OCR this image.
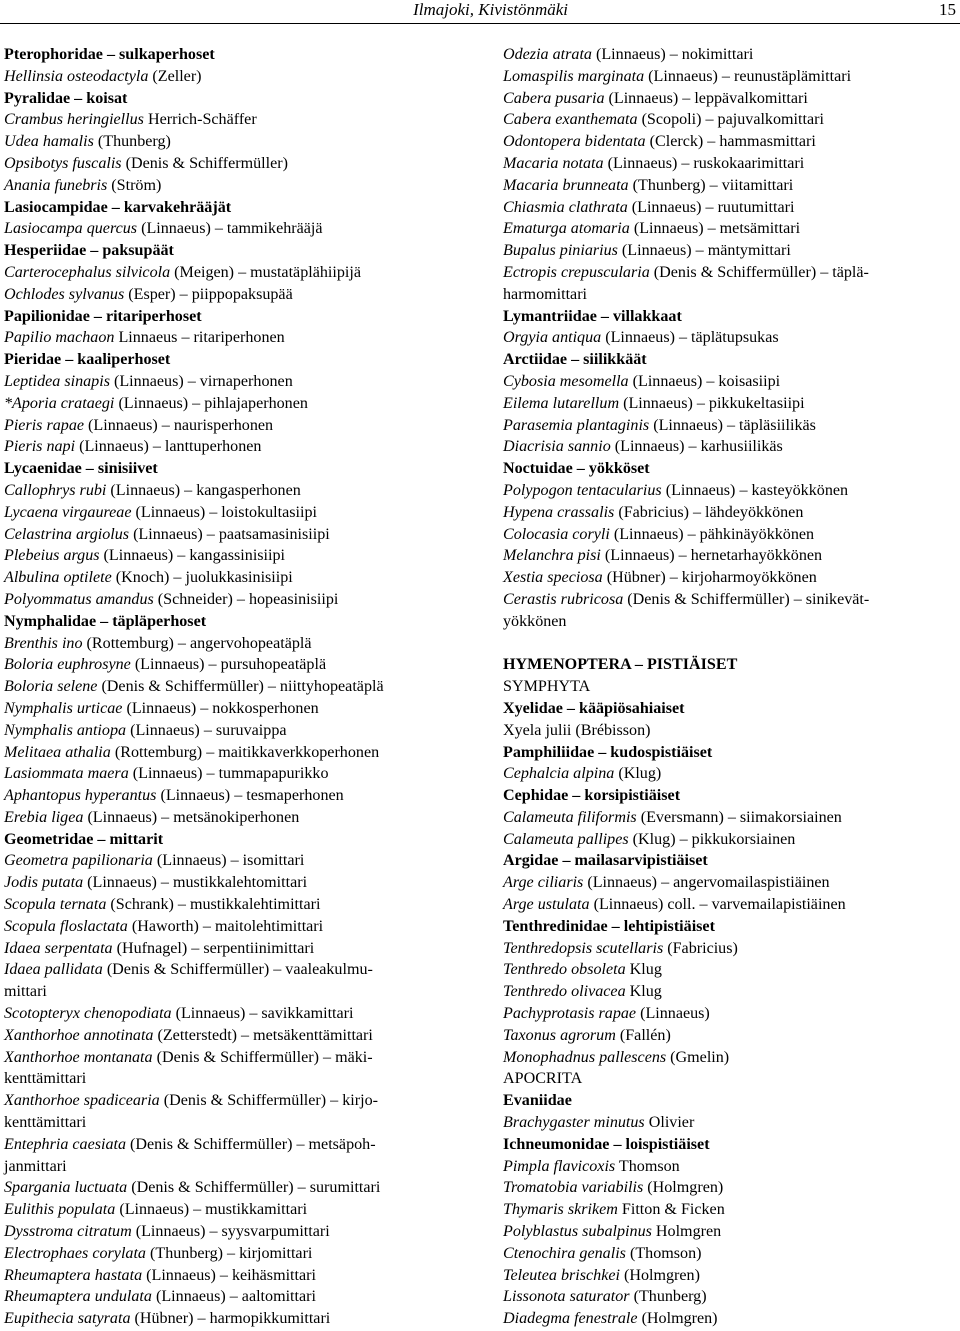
Ilmajoki, Kivistönmäki	15
Pterophoridae – sulkaperhoset
Hellinsia osteodactyla (Zeller)
Pyralidae – koisat
Crambus heringiellus Herrich-Schäffer
Udea hamalis (Thunberg)
Opsibotys fuscalis (Denis & Schiffermüller)
Anania funebris (Ström)
Lasiocampidae – karvakehrääjät
Lasiocampa quercus (Linnaeus) – tammikehrääjä
Hesperiidae – paksupäät
Carterocephalus silvicola (Meigen) – mustatäplähiipijä
Ochlodes sylvanus (Esper) – piippopaksupää
Papilionidae – ritariperhoset
Papilio machaon Linnaeus – ritariperhonen
Pieridae – kaaliperhoset
Leptidea sinapis (Linnaeus) – virnaperhonen
*Aporia crataegi (Linnaeus) – pihlajaperhonen
Pieris rapae (Linnaeus) – naurisperhonen
Pieris napi (Linnaeus) – lanttuperhonen
Lycaenidae – sinisiivet
Callophrys rubi (Linnaeus) – kangasperhonen
Lycaena virgaureae (Linnaeus) – loistokultasiipi
Celastrina argiolus (Linnaeus) – paatsamasinisiipi
Plebeius argus (Linnaeus) – kangassinisiipi
Albulina optilete (Knoch) – juolukkasinisiipi
Polyommatus amandus (Schneider) – hopeasinisiipi
Nymphalidae – täpläperhoset
Brenthis ino (Rottemburg) – angervohopeatäplä
Boloria euphrosyne (Linnaeus) – pursuhopeatäplä
Boloria selene (Denis & Schiffermüller) – niittyhopeatäplä
Nymphalis urticae (Linnaeus) – nokkosperhonen
Nymphalis antiopa (Linnaeus) – suruvaippa
Melitaea athalia (Rottemburg) – maitikkaverkkoperhonen
Lasiommata maera (Linnaeus) – tummapapurikko
Aphantopus hyperantus (Linnaeus) – tesmaperhonen
Erebia ligea (Linnaeus) – metsänokiperhonen
Geometridae – mittarit
Geometra papilionaria (Linnaeus) – isomittari
Jodis putata (Linnaeus) – mustikkalehtomittari
Scopula ternata (Schrank) – mustikkalehtimittari
Scopula floslactata (Haworth) – maitolehtimittari
Idaea serpentata (Hufnagel) – serpentiinimittari
Idaea pallidata (Denis & Schiffermüller) – vaaleakulmu-
mittari
Scotopteryx chenopodiata (Linnaeus) – savikkamittari
Xanthorhoe annotinata (Zetterstedt) – metsäkenttämittari
Xanthorhoe montanata (Denis & Schiffermüller) – mäki-
kenttämittari
Xanthorhoe spadicearia (Denis & Schiffermüller) – kirjo-
kenttämittari
Entephria caesiata (Denis & Schiffermüller) – metsäpoh-
janmittari
Spargania luctuata (Denis & Schiffermüller) – surumittari
Eulithis populata (Linnaeus) – mustikkamittari
Dysstroma citratum (Linnaeus) – syysvarpumittari
Electrophaes corylata (Thunberg) – kirjomittari
Rheumaptera hastata (Linnaeus) – keihäsmittari
Rheumaptera undulata (Linnaeus) – aaltomittari
Eupithecia satyrata (Hübner) – harmopikkumittari
Odezia atrata (Linnaeus) – nokimittari
Lomaspilis marginata (Linnaeus) – reunustäplämittari
Cabera pusaria (Linnaeus) – leppävalkomittari
Cabera exanthemata (Scopoli) – pajuvalkomittari
Odontopera bidentata (Clerck) – hammasmittari
Macaria notata (Linnaeus) – ruskokaarimittari
Macaria brunneata (Thunberg) – viitamittari
Chiasmia clathrata (Linnaeus) – ruutumittari
Ematurga atomaria (Linnaeus) – metsämittari
Bupalus piniarius (Linnaeus) – mäntymittari
Ectropis crepuscularia (Denis & Schiffermüller) – täplä-
harmomittari
Lymantriidae – villakkaat
Orgyia antiqua (Linnaeus) – täplätupsukas
Arctiidae – siilikkäät
Cybosia mesomella (Linnaeus) – koisasiipi
Eilema lutarellum (Linnaeus) – pikkukeltasiipi
Parasemia plantaginis (Linnaeus) – täpläsiilikäs
Diacrisia sannio (Linnaeus) – karhusiilikäs
Noctuidae – yökköset
Polypogon tentacularius (Linnaeus) – kasteyökkönen
Hypena crassalis (Fabricius) – lähdeyökkönen
Colocasia coryli (Linnaeus) – pähkinäyökkönen
Melanchra pisi (Linnaeus) – hernetarhayökkönen
Xestia speciosa (Hübner) – kirjoharmoyökkönen
Cerastis rubricosa (Denis & Schiffermüller) – sinikevät-
yökkönen
HYMENOPTERA – PISTIÄISET
SYMPHYTA
Xyelidae – kääpiösahiaiset
Xyela julii (Brébisson)
Pamphiliidae – kudospistiäiset
Cephalcia alpina (Klug)
Cephidae – korsipistiäiset
Calameuta filiformis (Eversmann) – siimakorsiainen
Calameuta pallipes (Klug) – pikkukorsiainen
Argidae – mailasarvipistiäiset
Arge ciliaris (Linnaeus) – angervomailaspistiäinen
Arge ustulata (Linnaeus) coll. – varvemailapistiäinen
Tenthredinidae – lehtipistiäiset
Tenthredopsis scutellaris (Fabricius)
Tenthredo obsoleta Klug
Tenthredo olivacea Klug
Pachyprotasis rapae (Linnaeus)
Taxonus agrorum (Fallén)
Monophadnus pallescens (Gmelin)
APOCRITA
Evaniidae
Brachygaster minutus Olivier
Ichneumonidae – loispistiäiset
Pimpla flavicoxis Thomson
Tromatobia variabilis (Holmgren)
Thymaris skrikem Fitton & Ficken
Polyblastus subalpinus Holmgren
Ctenochira genalis (Thomson)
Teleutea brischkei (Holmgren)
Lissonota saturator (Thunberg)
Diadegma fenestrale (Holmgren)
